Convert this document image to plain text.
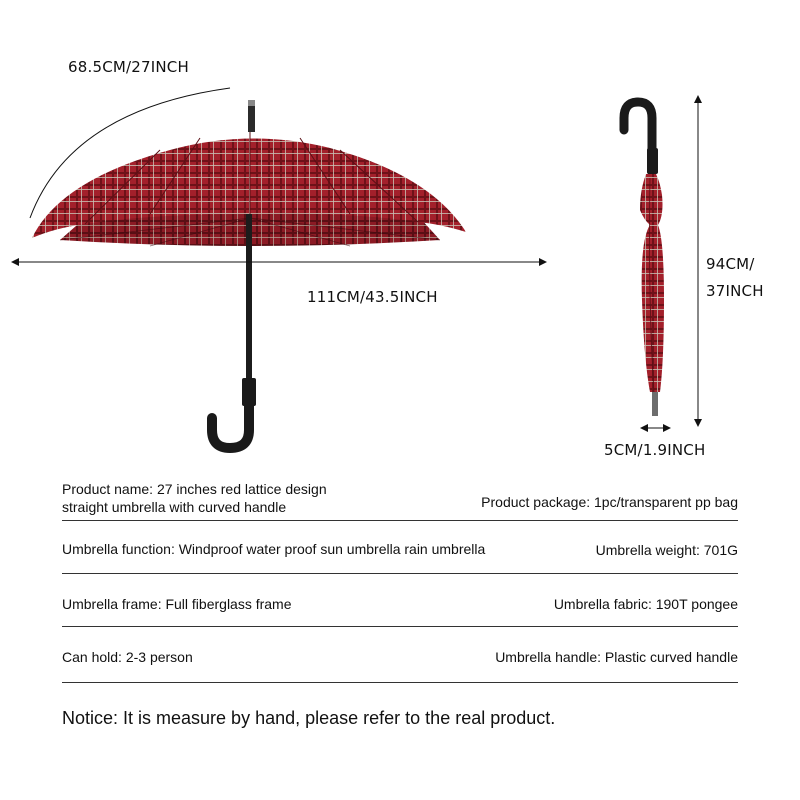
68.5CM/27INCH
111CM/43.5INCH
94CM/
37INCH
5CM/1.9INCH
Product name: 27 inches red lattice design
straight umbrella with curved handle	Product package: 1pc/transparent pp bag
Umbrella function: Windproof water proof sun umbrella rain umbrella	Umbrella weight: 701G
Umbrella frame: Full fiberglass frame	Umbrella fabric: 190T pongee
Can hold: 2-3 person	Umbrella handle: Plastic curved handle
Notice: It is measure by hand, please refer to the real product.
